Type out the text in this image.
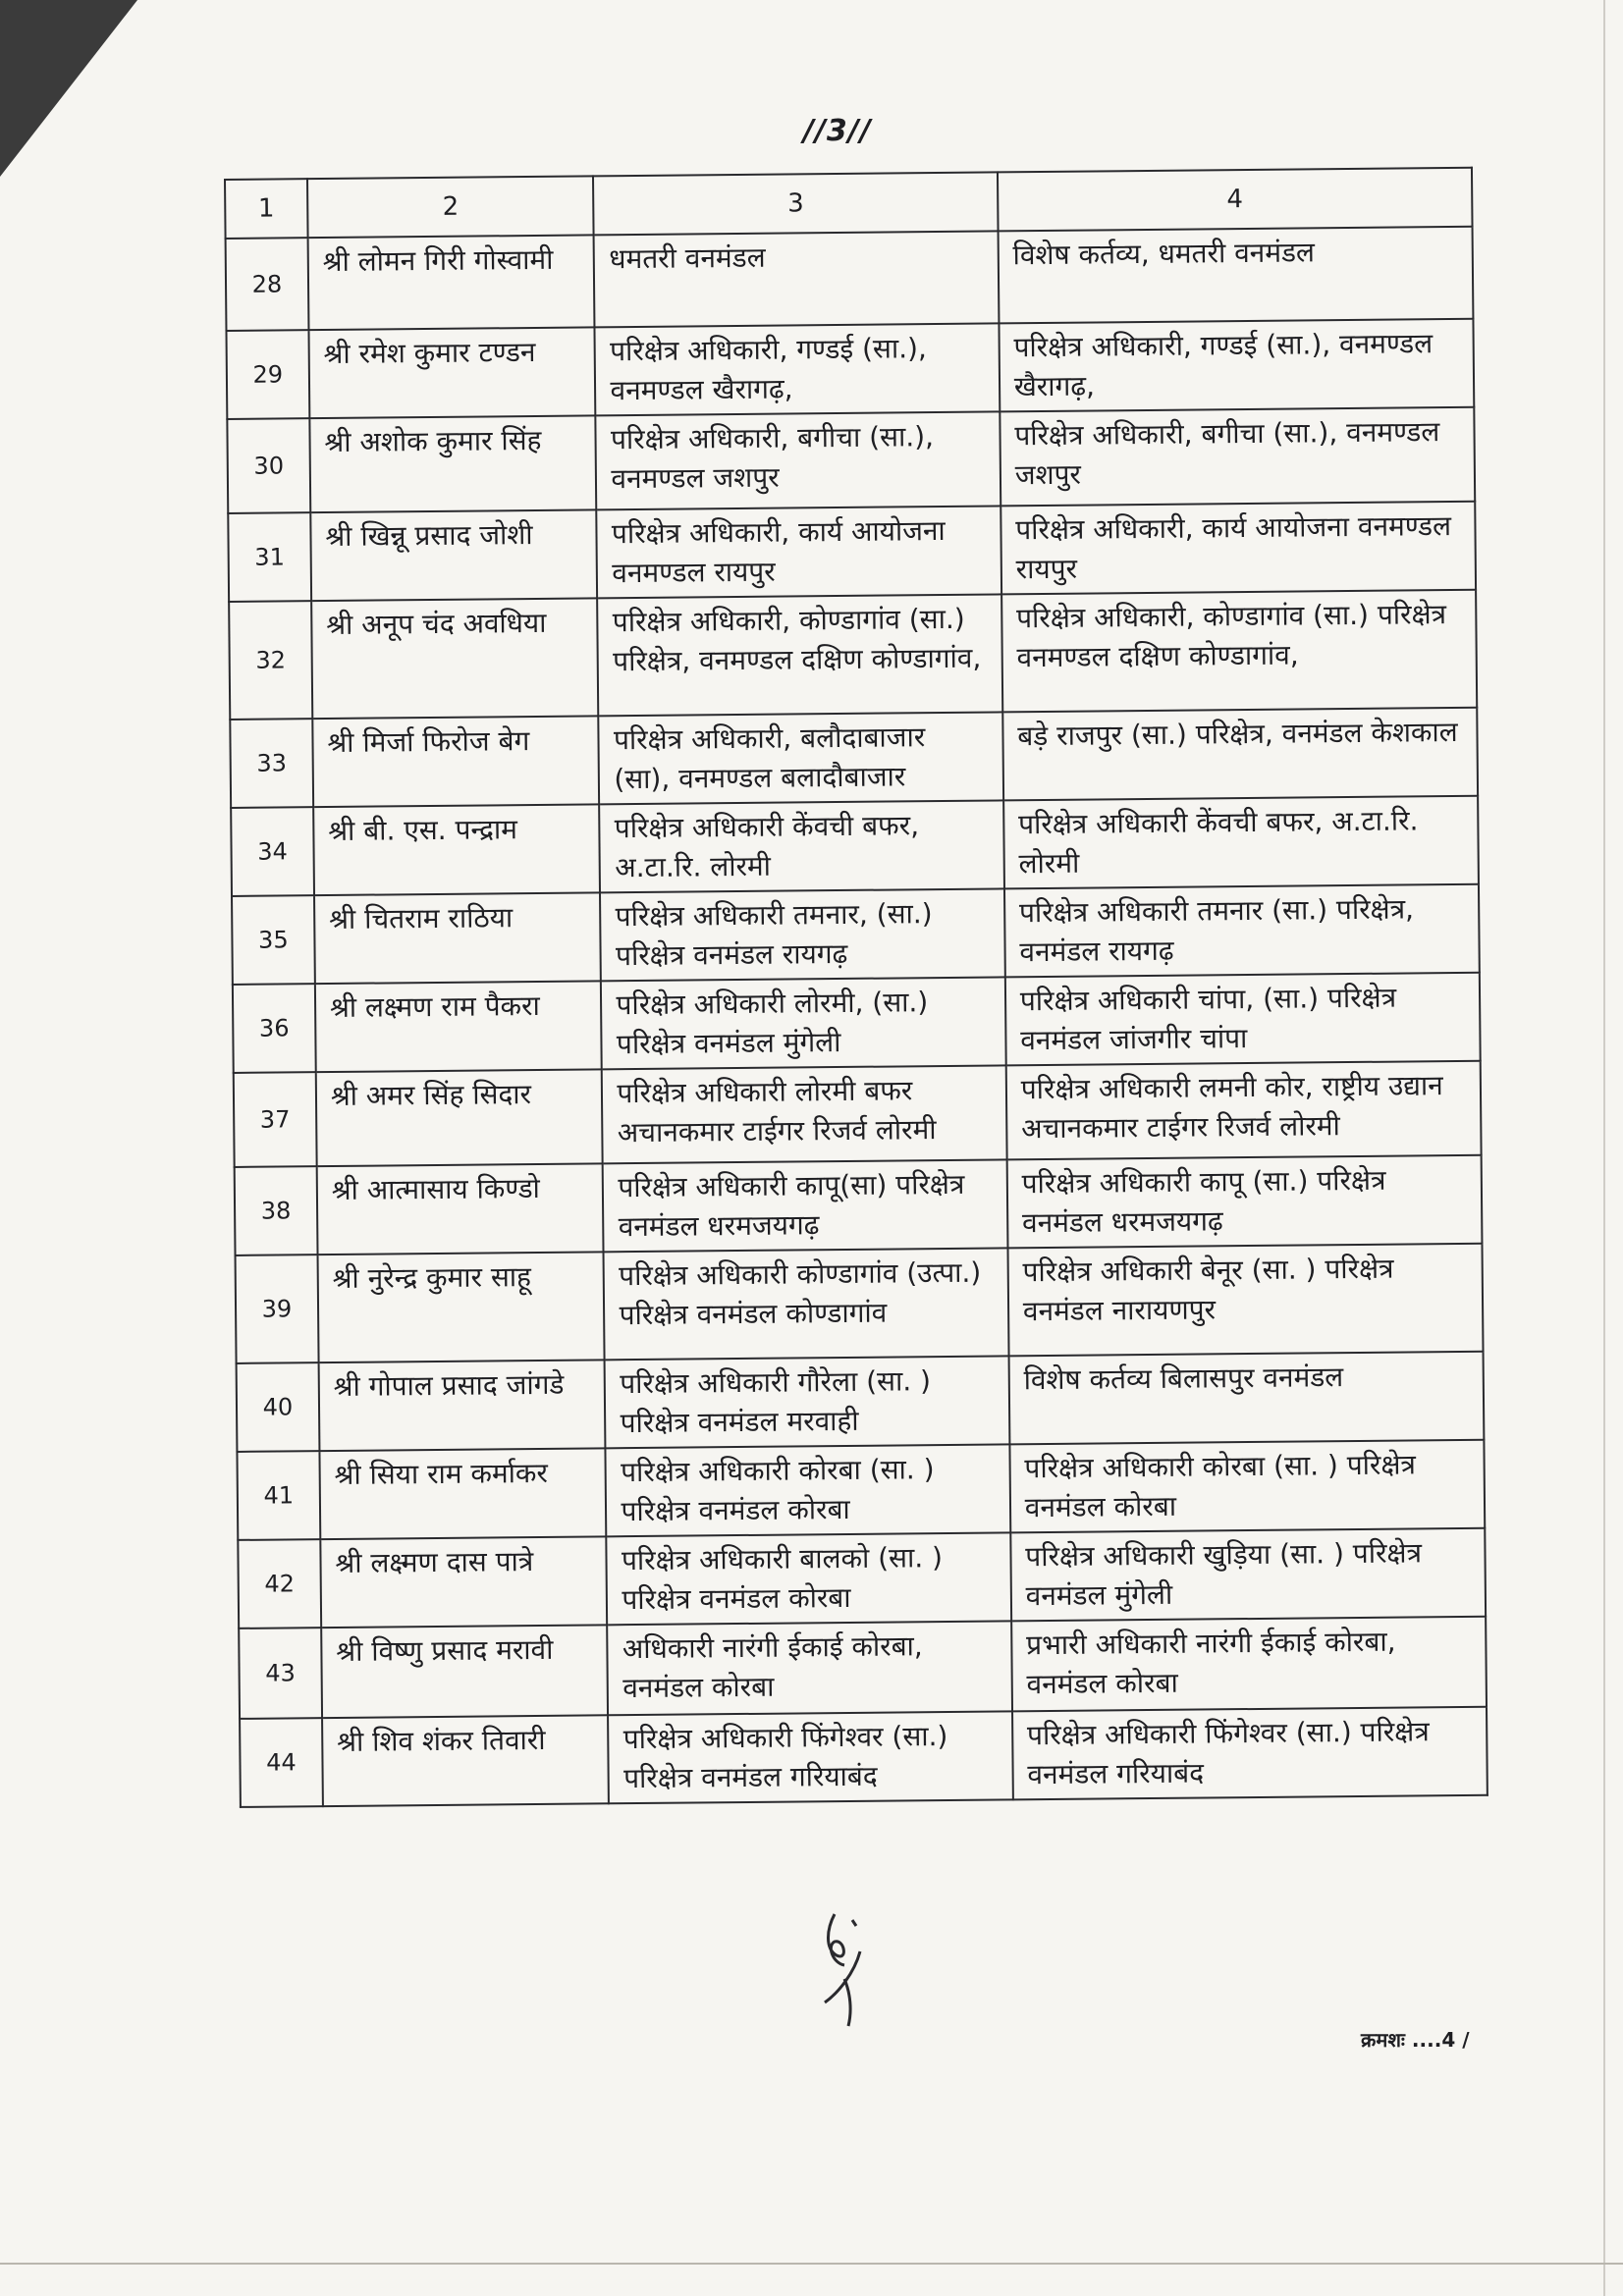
//3//
1	2	3	4
28	श्री लोमन गिरी गोस्वामी	धमतरी वनमंडल	विशेष कर्तव्य, धमतरी वनमंडल
29	श्री रमेश कुमार टण्डन	परिक्षेत्र अधिकारी, गण्डई (सा.), वनमण्डल खैरागढ़,	परिक्षेत्र अधिकारी, गण्डई (सा.), वनमण्डल खैरागढ़,
30	श्री अशोक कुमार सिंह	परिक्षेत्र अधिकारी, बगीचा (सा.), वनमण्डल जशपुर	परिक्षेत्र अधिकारी, बगीचा (सा.), वनमण्डल जशपुर
31	श्री खिन्नू प्रसाद जोशी	परिक्षेत्र अधिकारी, कार्य आयोजना वनमण्डल रायपुर	परिक्षेत्र अधिकारी, कार्य आयोजना वनमण्डल रायपुर
32	श्री अनूप चंद अवधिया	परिक्षेत्र अधिकारी, कोण्डागांव (सा.) परिक्षेत्र, वनमण्डल दक्षिण कोण्डागांव,	परिक्षेत्र अधिकारी, कोण्डागांव (सा.) परिक्षेत्र वनमण्डल दक्षिण कोण्डागांव,
33	श्री मिर्जा फिरोज बेग	परिक्षेत्र अधिकारी, बलौदाबाजार (सा), वनमण्डल बलादौबाजार	बड़े राजपुर (सा.) परिक्षेत्र, वनमंडल केशकाल
34	श्री बी. एस. पन्द्राम	परिक्षेत्र अधिकारी केंवची बफर, अ.टा.रि. लोरमी	परिक्षेत्र अधिकारी केंवची बफर, अ.टा.रि. लोरमी
35	श्री चितराम राठिया	परिक्षेत्र अधिकारी तमनार, (सा.) परिक्षेत्र वनमंडल रायगढ़	परिक्षेत्र अधिकारी तमनार (सा.) परिक्षेत्र, वनमंडल रायगढ़
36	श्री लक्ष्मण राम पैकरा	परिक्षेत्र अधिकारी लोरमी, (सा.) परिक्षेत्र वनमंडल मुंगेली	परिक्षेत्र अधिकारी चांपा, (सा.) परिक्षेत्र वनमंडल जांजगीर चांपा
37	श्री अमर सिंह सिदार	परिक्षेत्र अधिकारी लोरमी बफर अचानकमार टाईगर रिजर्व लोरमी	परिक्षेत्र अधिकारी लमनी कोर, राष्ट्रीय उद्यान अचानकमार टाईगर रिजर्व लोरमी
38	श्री आत्मासाय किण्डो	परिक्षेत्र अधिकारी कापू(सा) परिक्षेत्र वनमंडल धरमजयगढ़	परिक्षेत्र अधिकारी कापू (सा.) परिक्षेत्र वनमंडल धरमजयगढ़
39	श्री नुरेन्द्र कुमार साहू	परिक्षेत्र अधिकारी कोण्डागांव (उत्पा.) परिक्षेत्र वनमंडल कोण्डागांव	परिक्षेत्र अधिकारी बेनूर (सा. ) परिक्षेत्र वनमंडल नारायणपुर
40	श्री गोपाल प्रसाद जांगडे	परिक्षेत्र अधिकारी गौरेला (सा. ) परिक्षेत्र वनमंडल मरवाही	विशेष कर्तव्य बिलासपुर वनमंडल
41	श्री सिया राम कर्माकर	परिक्षेत्र अधिकारी कोरबा (सा. ) परिक्षेत्र वनमंडल कोरबा	परिक्षेत्र अधिकारी कोरबा (सा. ) परिक्षेत्र वनमंडल कोरबा
42	श्री लक्ष्मण दास पात्रे	परिक्षेत्र अधिकारी बालको (सा. ) परिक्षेत्र वनमंडल कोरबा	परिक्षेत्र अधिकारी खुड़िया (सा. ) परिक्षेत्र वनमंडल मुंगेली
43	श्री विष्णु प्रसाद मरावी	अधिकारी नारंगी ईकाई कोरबा, वनमंडल कोरबा	प्रभारी अधिकारी नारंगी ईकाई कोरबा, वनमंडल कोरबा
44	श्री शिव शंकर तिवारी	परिक्षेत्र अधिकारी फिंगेश्वर (सा.) परिक्षेत्र वनमंडल गरियाबंद	परिक्षेत्र अधिकारी फिंगेश्वर (सा.) परिक्षेत्र वनमंडल गरियाबंद
क्रमशः ....4 /
